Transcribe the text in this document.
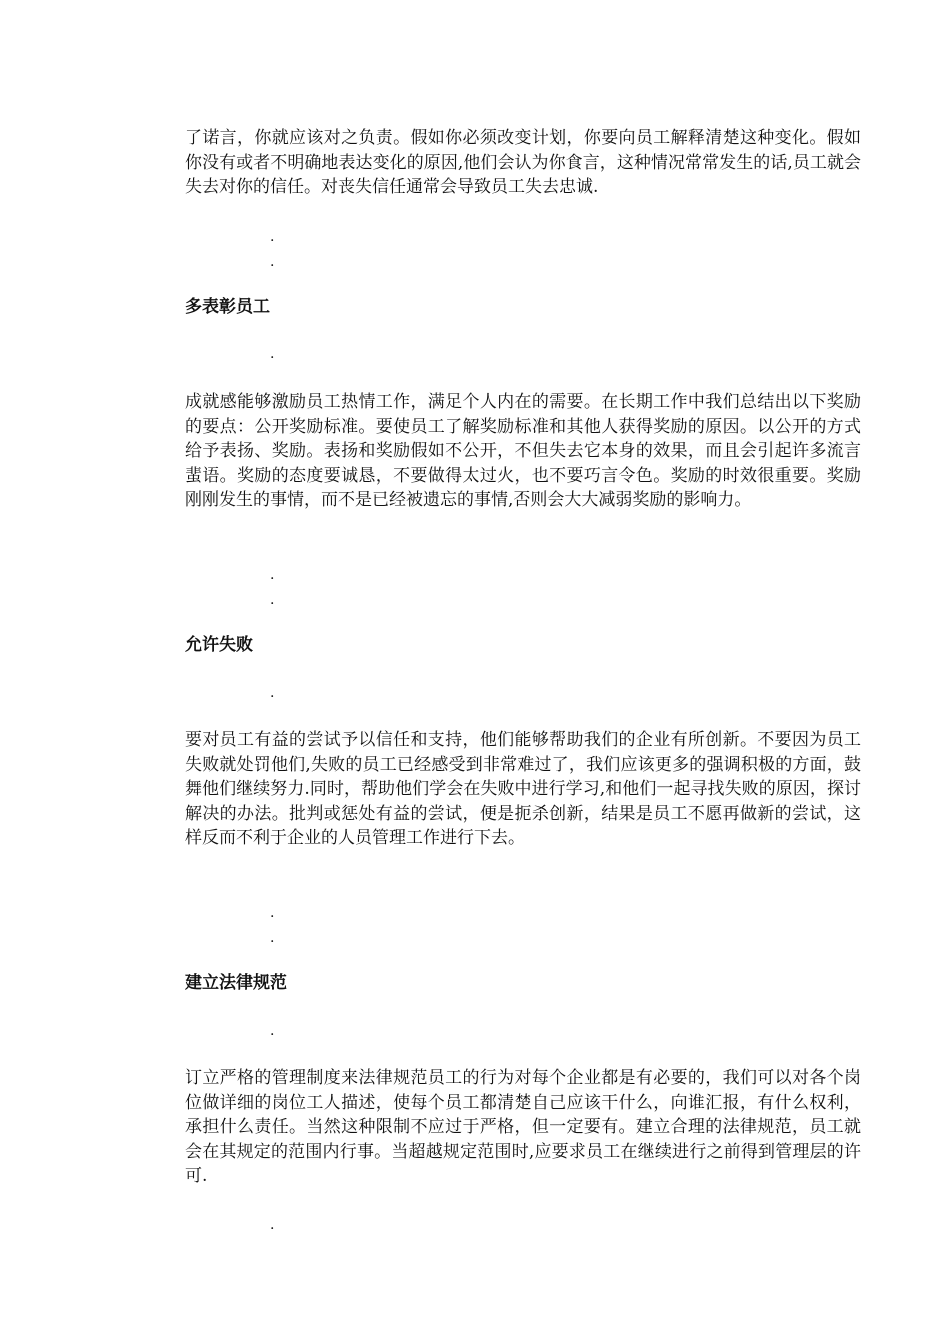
了诺言，你就应该对之负责。假如你必须改变计划，你要向员工解释清楚这种变化。假如你没有或者不明确地表达变化的原因,他们会认为你食言，这种情况常常发生的话,员工就会失去对你的信任。对丧失信任通常会导致员工失去忠诚.

.
.
多表彰员工
.

成就感能够激励员工热情工作，满足个人内在的需要。在长期工作中我们总结出以下奖励的要点：公开奖励标准。要使员工了解奖励标准和其他人获得奖励的原因。以公开的方式给予表扬、奖励。表扬和奖励假如不公开，不但失去它本身的效果，而且会引起许多流言蜚语。奖励的态度要诚恳，不要做得太过火，也不要巧言令色。奖励的时效很重要。奖励刚刚发生的事情，而不是已经被遗忘的事情,否则会大大减弱奖励的影响力。

.
.
允许失败
.

要对员工有益的尝试予以信任和支持，他们能够帮助我们的企业有所创新。不要因为员工失败就处罚他们,失败的员工已经感受到非常难过了，我们应该更多的强调积极的方面，鼓舞他们继续努力.同时，帮助他们学会在失败中进行学习,和他们一起寻找失败的原因，探讨解决的办法。批判或惩处有益的尝试，便是扼杀创新，结果是员工不愿再做新的尝试，这样反而不利于企业的人员管理工作进行下去。

.
.
建立法律规范
.

订立严格的管理制度来法律规范员工的行为对每个企业都是有必要的，我们可以对各个岗位做详细的岗位工人描述，使每个员工都清楚自己应该干什么，向谁汇报，有什么权利，承担什么责任。当然这种限制不应过于严格，但一定要有。建立合理的法律规范，员工就会在其规定的范围内行事。当超越规定范围时,应要求员工在继续进行之前得到管理层的许可.

.
